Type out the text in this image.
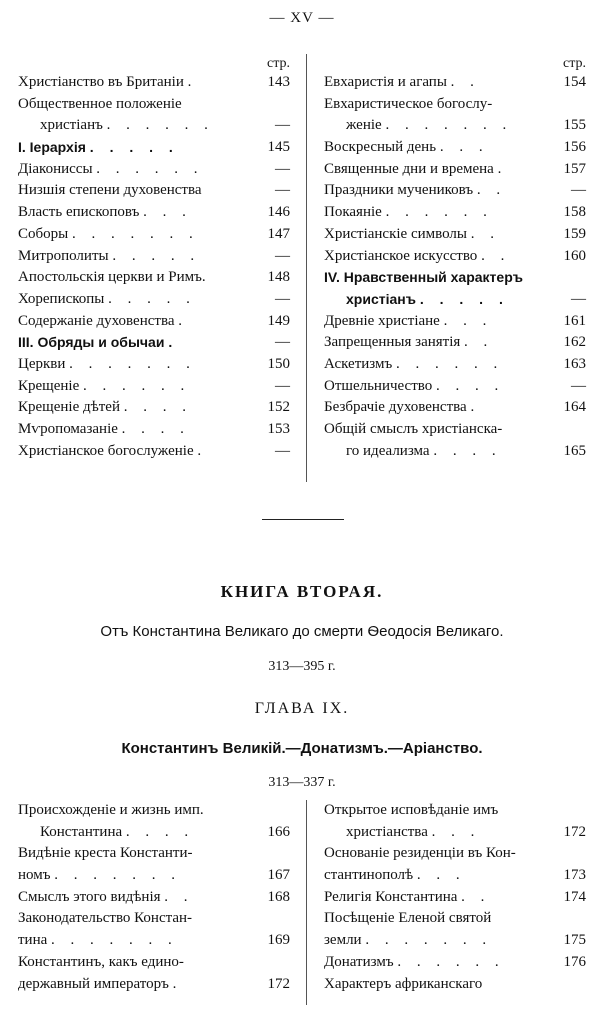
— XV —
стр.
Христіанство въ Британіи .	143
Общественное положеніе
христіанъ . . . . . .	—
I. Іерархія . . . . .	145
Діакониссы . . . . . .	—
Низшія степени духовенства	—
Власть епископовъ . . .	146
Соборы . . . . . . .	147
Митрополиты . . . . .	—
Апостольскія церкви и Римъ.	148
Хорепископы . . . . .	—
Содержаніе духовенства .	149
III. Обряды и обычаи .	—
Церкви . . . . . . .	150
Крещеніе . . . . . .	—
Крещеніе дѣтей . . . .	152
Мѵропомазаніе . . . .	153
Христіанское богослуженіе .	—
стр.
Евхаристія и агапы . .	154
Евхаристическое богослу-
женіе . . . . . . .	155
Воскресный день . . .	156
Священные дни и времена .	157
Праздники мучениковъ . .	—
Покаяніе . . . . . .	158
Христіанскіе символы . .	159
Христіанское искусство . .	160
IV. Нравственный характеръ
христіанъ . . . . .	—
Древніе христіане . . .	161
Запрещенныя занятія . .	162
Аскетизмъ . . . . . .	163
Отшельничество . . . .	—
Безбрачіе духовенства .	164
Общій смыслъ христіанска-
го идеализма . . . .	165
КНИГА ВТОРАЯ.
Отъ Константина Великаго до смерти Ѳеодосія Великаго.
313—395 г.
ГЛАВА IX.
Константинъ Великій.—Донатизмъ.—Аріанство.
313—337 г.
Происхожденіе и жизнь имп.
Константина . . . .	166
Видѣніе креста Константи-
номъ . . . . . . .	167
Смыслъ этого видѣнія . .	168
Законодательство Констан-
тина . . . . . . .	169
Константинъ, какъ едино-
державный императоръ .	172
Открытое исповѣданіе имъ
христіанства . . .	172
Основаніе резиденціи въ Кон-
стантинополѣ . . .	173
Религія Константина . .	174
Посѣщеніе Еленой святой
земли . . . . . . .	175
Донатизмъ . . . . . .	176
Характеръ африканскаго
